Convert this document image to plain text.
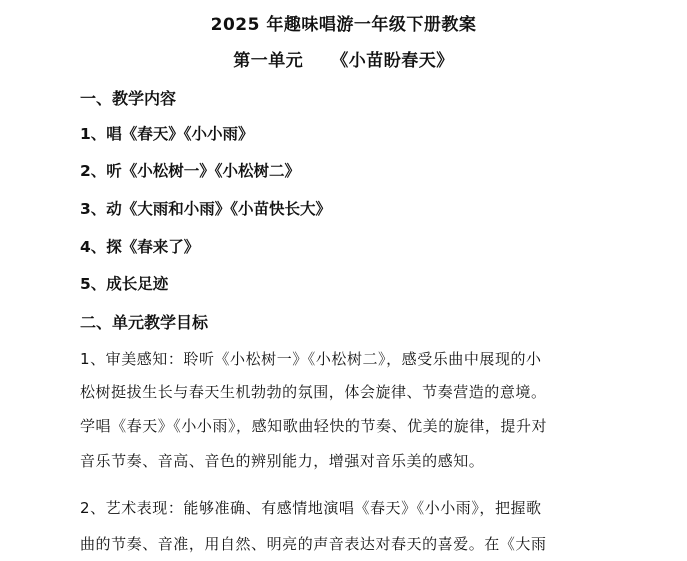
2025 年趣味唱游一年级下册教案
第一单元 《小苗盼春天》
一、教学内容
1、唱《春天》《小小雨》
2、听《小松树一》《小松树二》
3、动《大雨和小雨》《小苗快长大》
4、探《春来了》
5、成长足迹
二、单元教学目标
1、审美感知：聆听《小松树一》《小松树二》，感受乐曲中展现的小
松树挺拔生长与春天生机勃勃的氛围，体会旋律、节奏营造的意境。
学唱《春天》《小小雨》，感知歌曲轻快的节奏、优美的旋律，提升对
音乐节奏、音高、音色的辨别能力，增强对音乐美的感知。
2、艺术表现：能够准确、有感情地演唱《春天》《小小雨》，把握歌
曲的节奏、音准，用自然、明亮的声音表达对春天的喜爱。在《大雨
